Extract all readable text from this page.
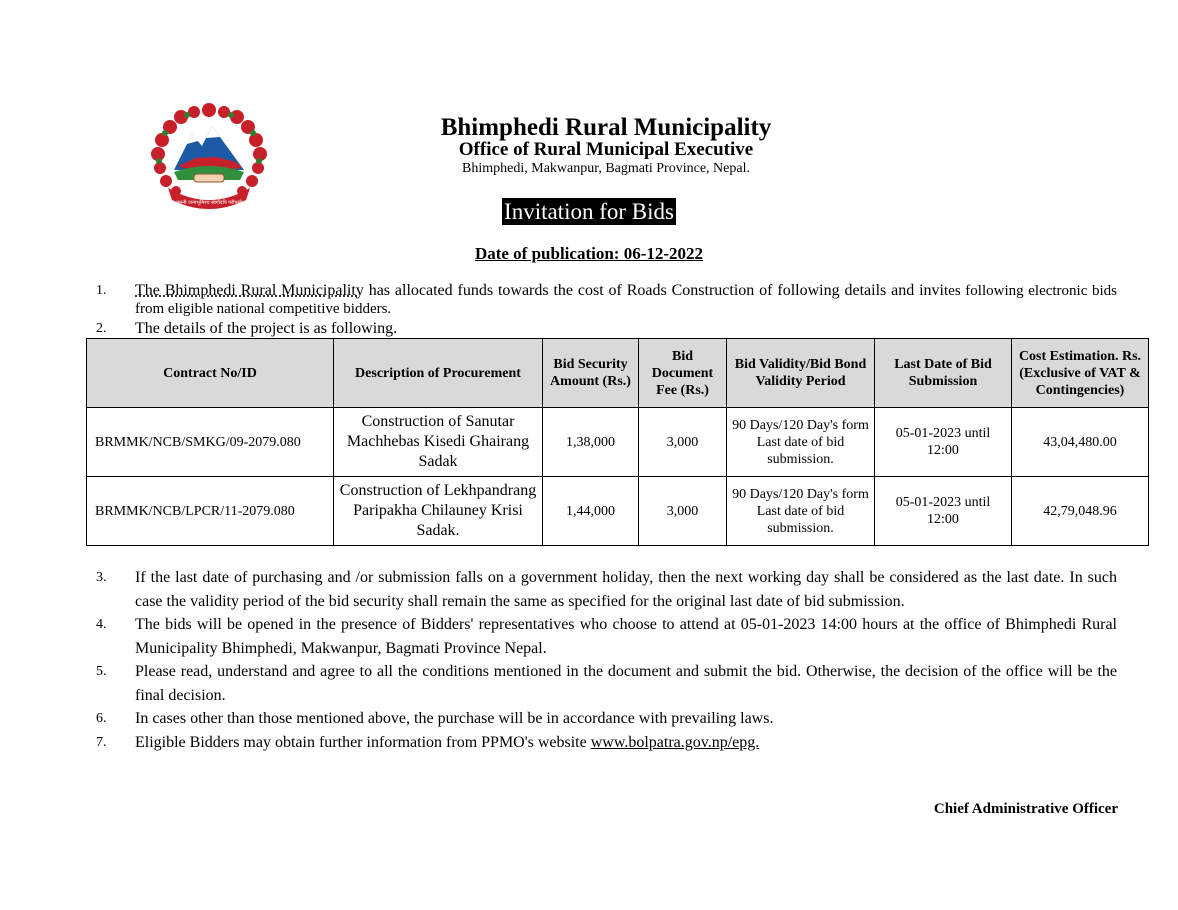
जननी जन्मभूमिश्च स्वर्गादपि गरीयसी
Bhimphedi Rural Municipality
Office of Rural Municipal Executive
Bhimphedi, Makwanpur, Bagmati Province, Nepal.
Invitation for Bids
Date of publication: 06-12-2022
1. The Bhimphedi Rural Municipality has allocated funds towards the cost of Roads Construction of following details and invites following electronic bids from eligible national competitive bidders.
2. The details of the project is as following.
Contract No/ID	Description of Procurement	Bid Security Amount (Rs.)	Bid Document Fee (Rs.)	Bid Validity/Bid Bond Validity Period	Last Date of Bid Submission	Cost Estimation. Rs. (Exclusive of VAT & Contingencies)
BRMMK/NCB/SMKG/09-2079.080	Construction of Sanutar Machhebas Kisedi Ghairang Sadak	1,38,000	3,000	90 Days/120 Day's form Last date of bid submission.	05-01-2023 until 12:00	43,04,480.00
BRMMK/NCB/LPCR/11-2079.080	Construction of Lekhpandrang Paripakha Chilauney Krisi Sadak.	1,44,000	3,000	90 Days/120 Day's form Last date of bid submission.	05-01-2023 until 12:00	42,79,048.96
3. If the last date of purchasing and /or submission falls on a government holiday, then the next working day shall be considered as the last date. In such case the validity period of the bid security shall remain the same as specified for the original last date of bid submission.
4. The bids will be opened in the presence of Bidders' representatives who choose to attend at 05-01-2023 14:00 hours at the office of Bhimphedi Rural Municipality Bhimphedi, Makwanpur, Bagmati Province Nepal.
5. Please read, understand and agree to all the conditions mentioned in the document and submit the bid. Otherwise, the decision of the office will be the final decision.
6. In cases other than those mentioned above, the purchase will be in accordance with prevailing laws.
7. Eligible Bidders may obtain further information from PPMO's website www.bolpatra.gov.np/epg.
Chief Administrative Officer
